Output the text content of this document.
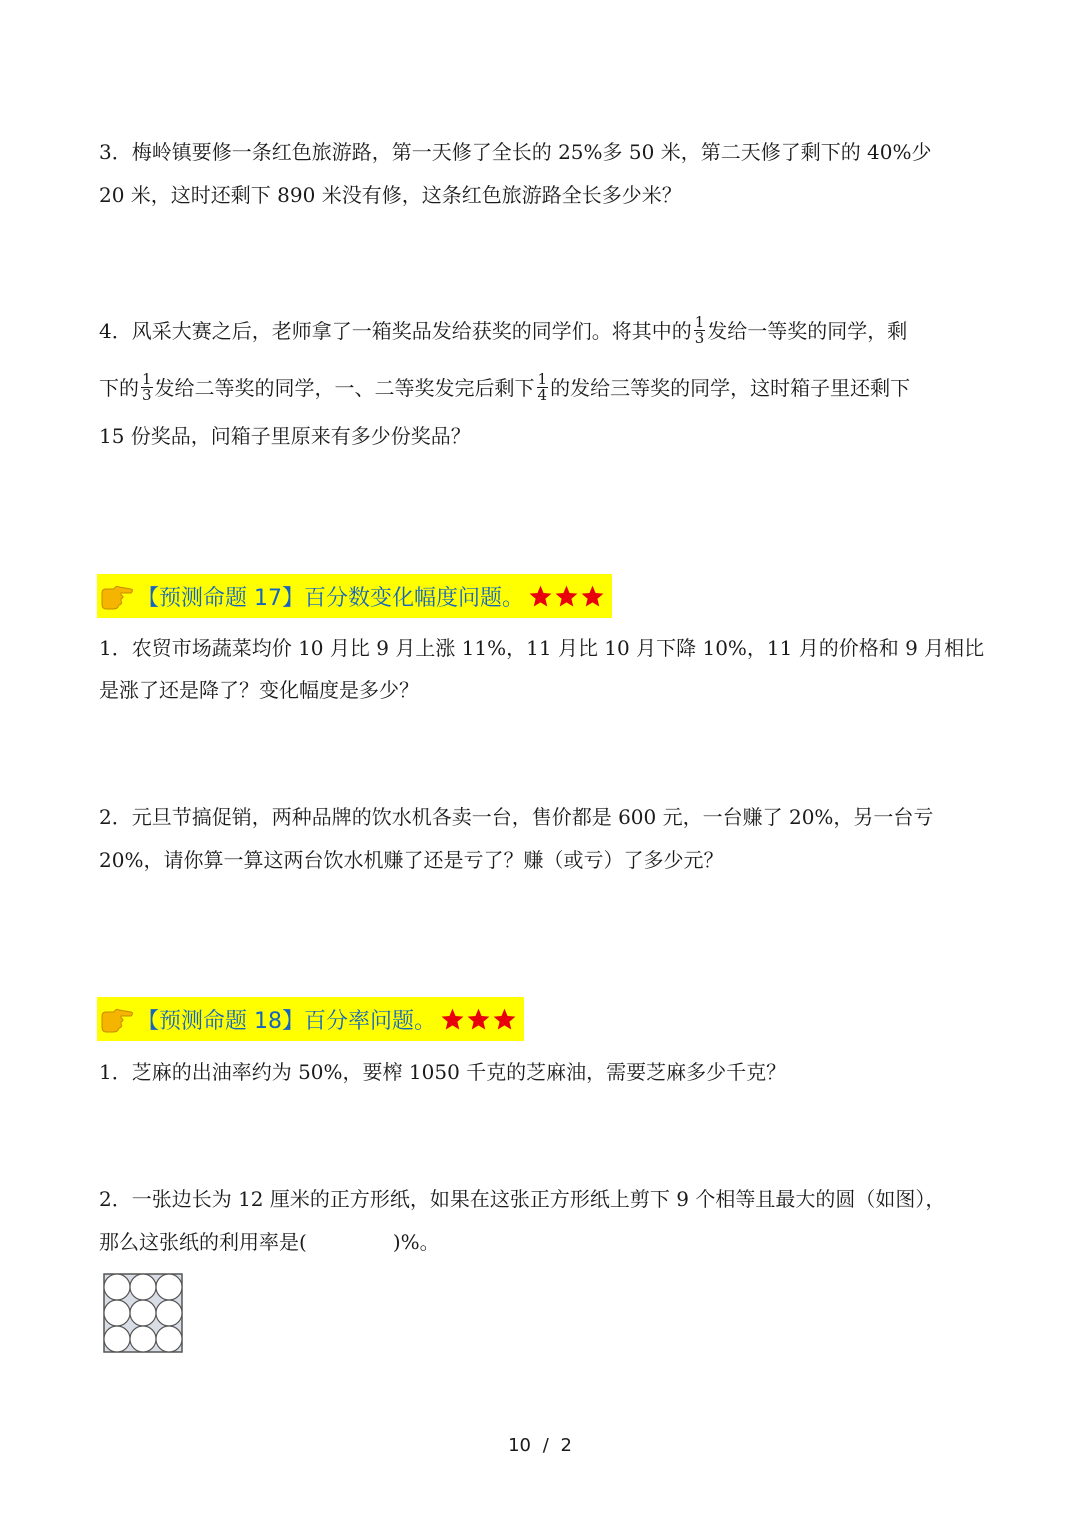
3．梅岭镇要修一条红色旅游路，第一天修了全长的 25%多 50 米，第二天修了剩下的 40%少
20 米，这时还剩下 890 米没有修，这条红色旅游路全长多少米？
4．风采大赛之后，老师拿了一箱奖品发给获奖的同学们。将其中的 $\frac{1}{3}$ 发给一等奖的同学，剩
下的 $\frac{1}{3}$ 发给二等奖的同学，一、二等奖发完后剩下 $\frac{1}{4}$ 的发给三等奖的同学，这时箱子里还剩下
15 份奖品，问箱子里原来有多少份奖品？
【预测命题 17】百分数变化幅度问题。
1．农贸市场蔬菜均价 10 月比 9 月上涨 11%，11 月比 10 月下降 10%，11 月的价格和 9 月相比
是涨了还是降了？变化幅度是多少？
2．元旦节搞促销，两种品牌的饮水机各卖一台，售价都是 600 元，一台赚了 20%，另一台亏
20%，请你算一算这两台饮水机赚了还是亏了？赚（或亏）了多少元？
【预测命题 18】百分率问题。
1．芝麻的出油率约为 50%，要榨 1050 千克的芝麻油，需要芝麻多少千克？
2．一张边长为 12 厘米的正方形纸，如果在这张正方形纸上剪下 9 个相等且最大的圆（如图），
那么这张纸的利用率是(	)%。
10 / 2
